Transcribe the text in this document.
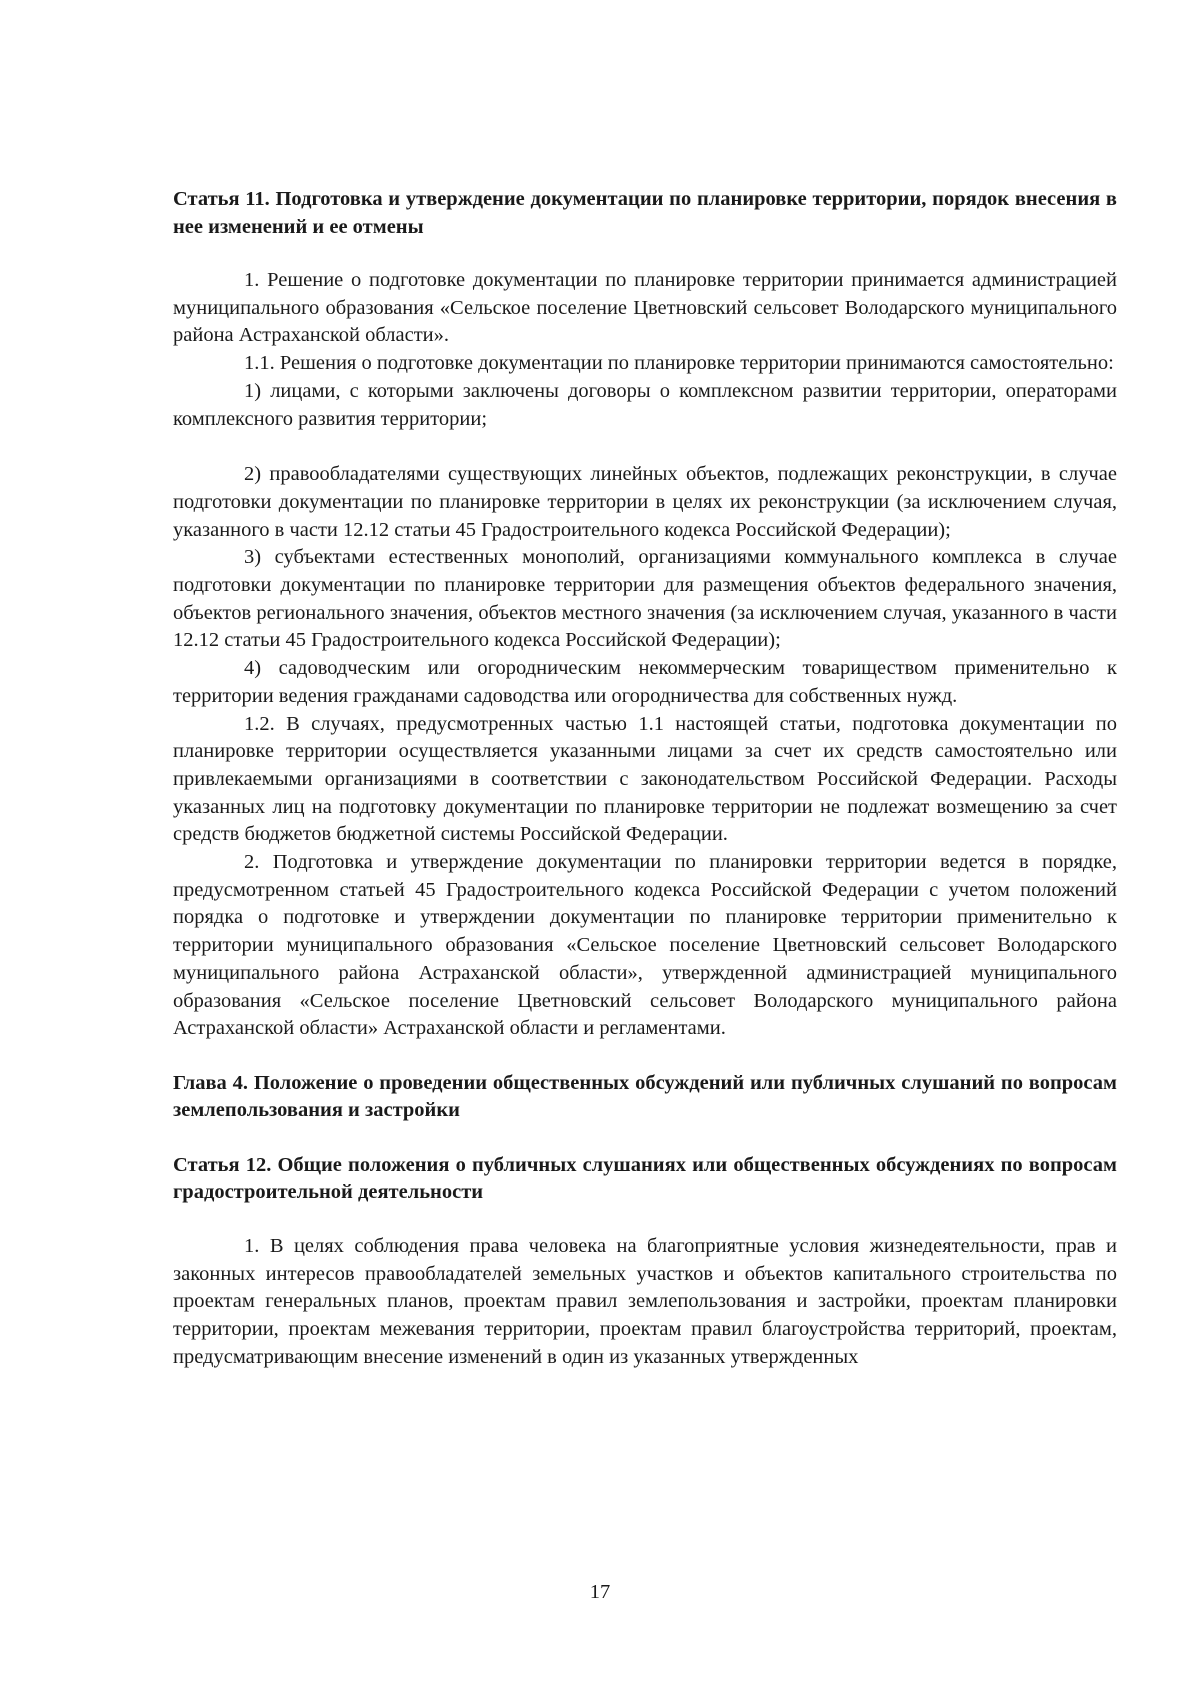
Статья 11. Подготовка и утверждение документации по планировке территории, порядок внесения в нее изменений и ее отмены

1. Решение о подготовке документации по планировке территории принимается администрацией муниципального образования «Сельское поселение Цветновский сельсовет Володарского муниципального района Астраханской области».

1.1. Решения о подготовке документации по планировке территории принимаются самостоятельно:

1) лицами, с которыми заключены договоры о комплексном развитии территории, операторами комплексного развития территории;

2) правообладателями существующих линейных объектов, подлежащих реконструкции, в случае подготовки документации по планировке территории в целях их реконструкции (за исключением случая, указанного в части 12.12 статьи 45 Градостроительного кодекса Российской Федерации);

3) субъектами естественных монополий, организациями коммунального комплекса в случае подготовки документации по планировке территории для размещения объектов федерального значения, объектов регионального значения, объектов местного значения (за исключением случая, указанного в части 12.12 статьи 45 Градостроительного кодекса Российской Федерации);

4) садоводческим или огородническим некоммерческим товариществом применительно к территории ведения гражданами садоводства или огородничества для собственных нужд.

1.2. В случаях, предусмотренных частью 1.1 настоящей статьи, подготовка документации по планировке территории осуществляется указанными лицами за счет их средств самостоятельно или привлекаемыми организациями в соответствии с законодательством Российской Федерации. Расходы указанных лиц на подготовку документации по планировке территории не подлежат возмещению за счет средств бюджетов бюджетной системы Российской Федерации.

2. Подготовка и утверждение документации по планировки территории ведется в порядке, предусмотренном статьей 45 Градостроительного кодекса Российской Федерации с учетом положений порядка о подготовке и утверждении документации по планировке территории применительно к территории муниципального образования «Сельское поселение Цветновский сельсовет Володарского муниципального района Астраханской области», утвержденной администрацией муниципального образования «Сельское поселение Цветновский сельсовет Володарского муниципального района Астраханской области» Астраханской области и регламентами.

Глава 4. Положение о проведении общественных обсуждений или публичных слушаний по вопросам землепользования и застройки

Статья 12. Общие положения о публичных слушаниях или общественных обсуждениях по вопросам градостроительной деятельности

1. В целях соблюдения права человека на благоприятные условия жизнедеятельности, прав и законных интересов правообладателей земельных участков и объектов капитального строительства по проектам генеральных планов, проектам правил землепользования и застройки, проектам планировки территории, проектам межевания территории, проектам правил благоустройства территорий, проектам, предусматривающим внесение изменений в один из указанных утвержденных

17
